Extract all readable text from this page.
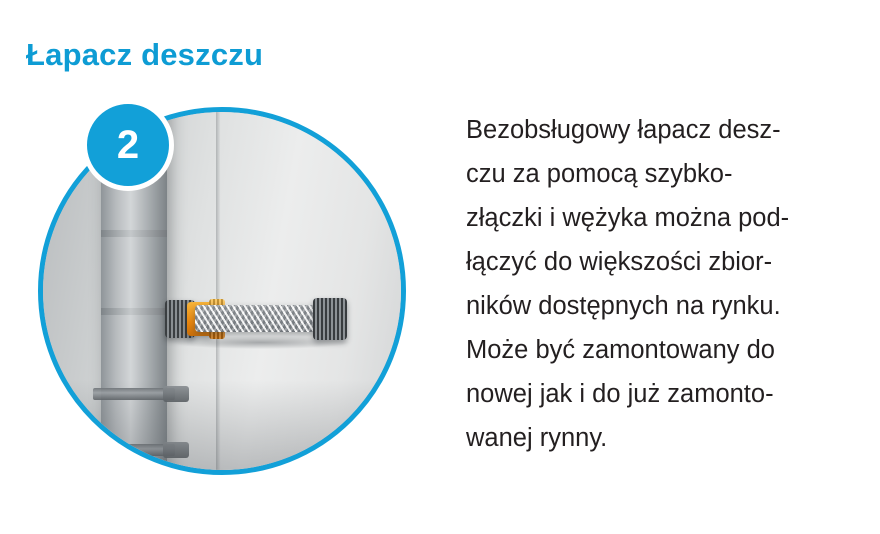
Łapacz deszczu
2	Bezobsługowy łapacz desz-

czu za pomocą szybko-

złączki i wężyka można pod-

łączyć do większości zbior-

ników dostępnych na rynku.

Może być zamontowany do

nowej jak i do już zamonto-

wanej rynny.
